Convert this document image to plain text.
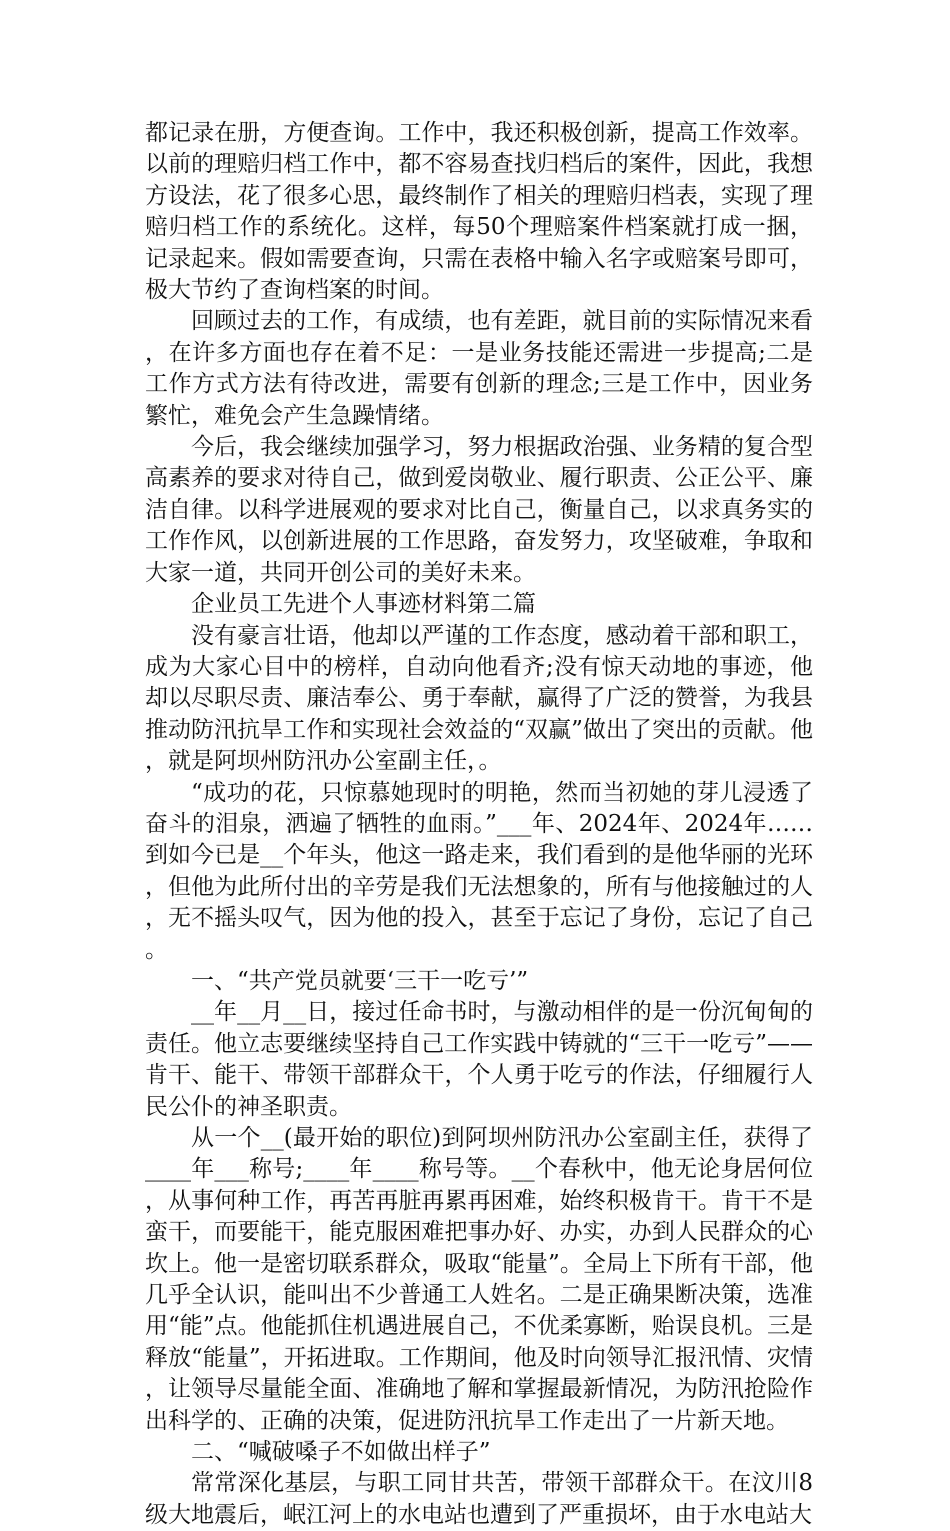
都记录在册，方便查询。工作中，我还积极创新，提高工作效率。以前的理赔归档工作中，都不容易查找归档后的案件，因此，我想方设法，花了很多心思，最终制作了相关的理赔归档表，实现了理赔归档工作的系统化。这样，每50个理赔案件档案就打成一捆，记录起来。假如需要查询，只需在表格中输入名字或赔案号即可，极大节约了查询档案的时间。

回顾过去的工作，有成绩，也有差距，就目前的实际情况来看，在许多方面也存在着不足：一是业务技能还需进一步提高;二是工作方式方法有待改进，需要有创新的理念;三是工作中，因业务繁忙，难免会产生急躁情绪。

今后，我会继续加强学习，努力根据政治强、业务精的复合型高素养的要求对待自己，做到爱岗敬业、履行职责、公正公平、廉洁自律。以科学进展观的要求对比自己，衡量自己，以求真务实的工作作风，以创新进展的工作思路，奋发努力，攻坚破难，争取和大家一道，共同开创公司的美好未来。

企业员工先进个人事迹材料第二篇

没有豪言壮语，他却以严谨的工作态度，感动着干部和职工，成为大家心目中的榜样，自动向他看齐;没有惊天动地的事迹，他却以尽职尽责、廉洁奉公、勇于奉献，赢得了广泛的赞誉，为我县推动防汛抗旱工作和实现社会效益的“双赢”做出了突出的贡献。他，就是阿坝州防汛办公室副主任，。

“成功的花，只惊慕她现时的明艳，然而当初她的芽儿浸透了奋斗的泪泉，洒遍了牺牲的血雨。”___年、2024年、2024年……到如今已是__个年头，他这一路走来，我们看到的是他华丽的光环，但他为此所付出的辛劳是我们无法想象的，所有与他接触过的人，无不摇头叹气，因为他的投入，甚至于忘记了身份，忘记了自己。

一、“共产党员就要‘三干一吃亏’”

__年__月__日，接过任命书时，与激动相伴的是一份沉甸甸的责任。他立志要继续坚持自己工作实践中铸就的“三干一吃亏”——肯干、能干、带领干部群众干，个人勇于吃亏的作法，仔细履行人民公仆的神圣职责。

从一个__(最开始的职位)到阿坝州防汛办公室副主任，获得了____年___称号;____年____称号等。__个春秋中，他无论身居何位，从事何种工作，再苦再脏再累再困难，始终积极肯干。肯干不是蛮干，而要能干，能克服困难把事办好、办实，办到人民群众的心坎上。他一是密切联系群众，吸取“能量”。全局上下所有干部，他几乎全认识，能叫出不少普通工人姓名。二是正确果断决策，选准用“能”点。他能抓住机遇进展自己，不优柔寡断，贻误良机。三是释放“能量”，开拓进取。工作期间，他及时向领导汇报汛情、灾情，让领导尽量能全面、准确地了解和掌握最新情况，为防汛抢险作出科学的、正确的决策，促进防汛抗旱工作走出了一片新天地。

二、“喊破嗓子不如做出样子”

常常深化基层，与职工同甘共苦，带领干部群众干。在汶川8级大地震后，岷江河上的水电站也遭到了严重损坏，由于水电站大
